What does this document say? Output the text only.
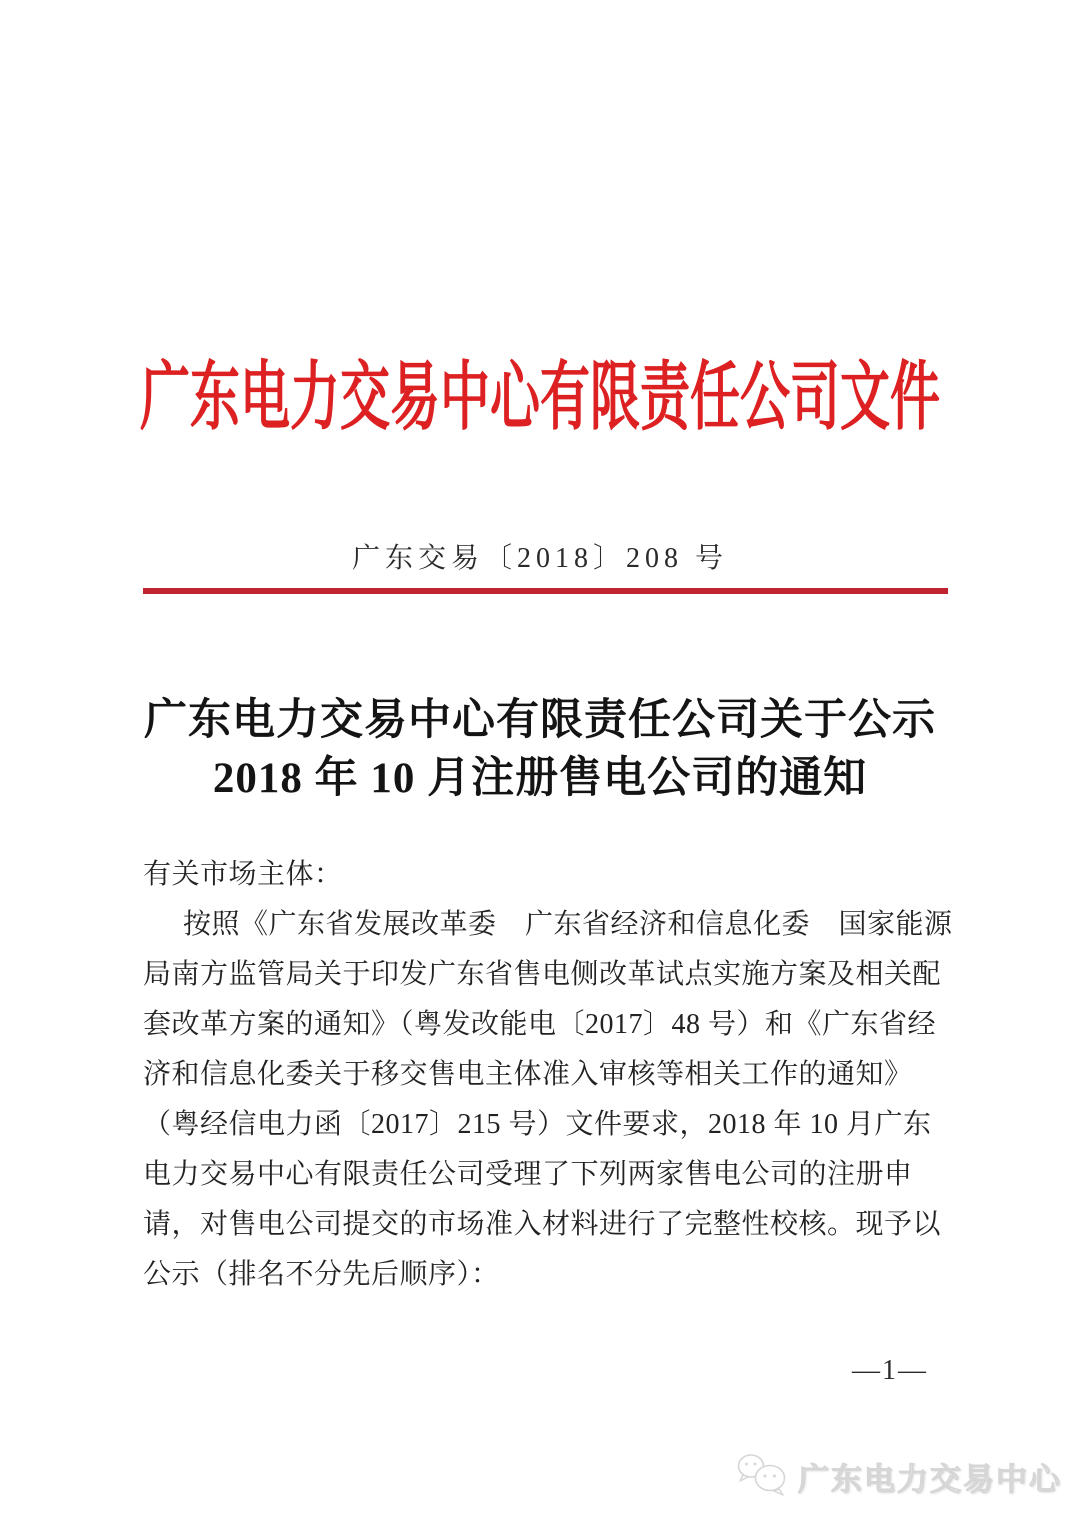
广东电力交易中心有限责任公司文件
广东交易〔2018〕208 号
广东电力交易中心有限责任公司关于公示
2018 年 10 月注册售电公司的通知
有关市场主体：
按照《广东省发展改革委　广东省经济和信息化委　国家能源
局南方监管局关于印发广东省售电侧改革试点实施方案及相关配
套改革方案的通知》（粤发改能电〔2017〕48 号）和《广东省经
济和信息化委关于移交售电主体准入审核等相关工作的通知》
（粤经信电力函〔2017〕215 号）文件要求，2018 年 10 月广东
电力交易中心有限责任公司受理了下列两家售电公司的注册申
请，对售电公司提交的市场准入材料进行了完整性校核。现予以
公示（排名不分先后顺序）：
—1—
广东电力交易中心
